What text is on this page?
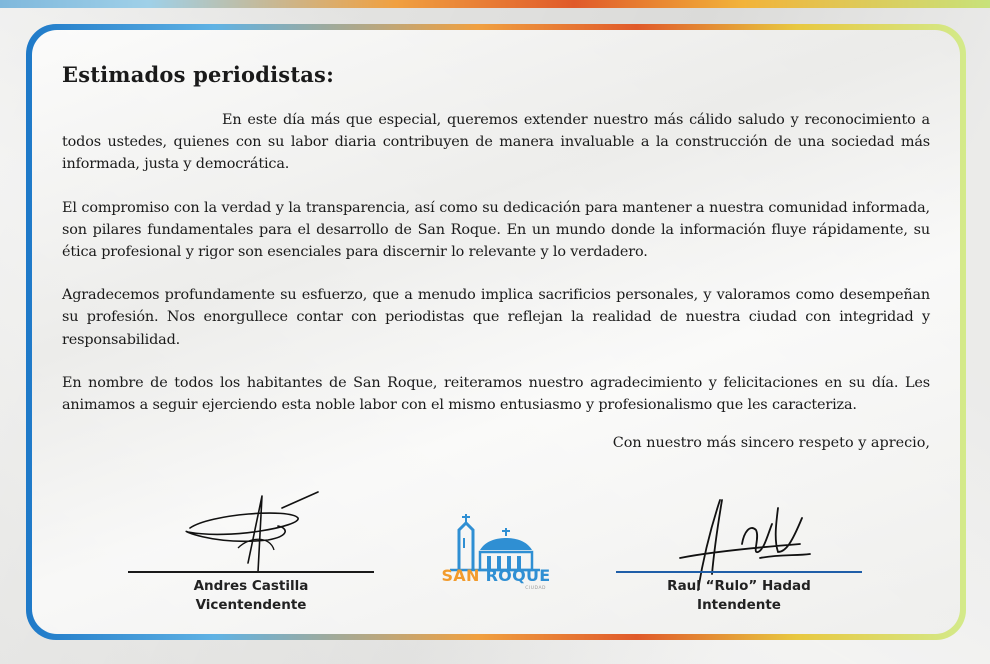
Estimados periodistas:

En este día más que especial, queremos extender nuestro más cálido saludo y reconocimiento a todos ustedes, quienes con su labor diaria contribuyen de manera invaluable a la construcción de una sociedad más informada, justa y democrática.

El compromiso con la verdad y la transparencia, así como su dedicación para mantener a nuestra comunidad informada, son pilares fundamentales para el desarrollo de San Roque. En un mundo donde la información fluye rápidamente, su ética profesional y rigor son esenciales para discernir lo relevante y lo verdadero.

Agradecemos profundamente su esfuerzo, que a menudo implica sacrificios personales, y valoramos como desempeñan su profesión. Nos enorgullece contar con periodistas que reflejan la realidad de nuestra ciudad con integridad y responsabilidad.

En nombre de todos los habitantes de San Roque, reiteramos nuestro agradecimiento y felicitaciones en su día. Les animamos a seguir ejerciendo esta noble labor con el mismo entusiasmo y profesionalismo que les caracteriza.

Con nuestro más sincero respeto y aprecio,
Andres Castilla
Vicentendente
Raul “Rulo” Hadad
Intendente
SAN ROQUE
CIUDAD
